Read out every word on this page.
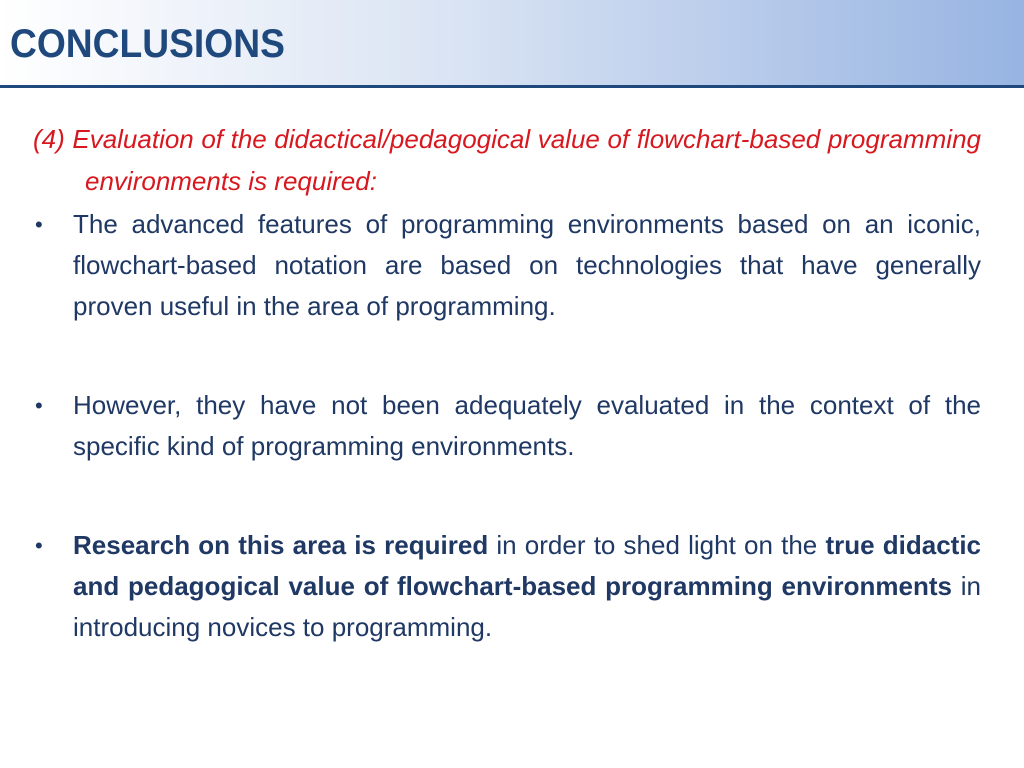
CONCLUSIONS

(4) Evaluation of the didactical/pedagogical value of flowchart-based programming environments is required:

• The advanced features of programming environments based on an iconic, flowchart-based notation are based on technologies that have generally proven useful in the area of programming.
• However, they have not been adequately evaluated in the context of the specific kind of programming environments.
• Research on this area is required in order to shed light on the true didactic and pedagogical value of flowchart-based programming environments in introducing novices to programming.
